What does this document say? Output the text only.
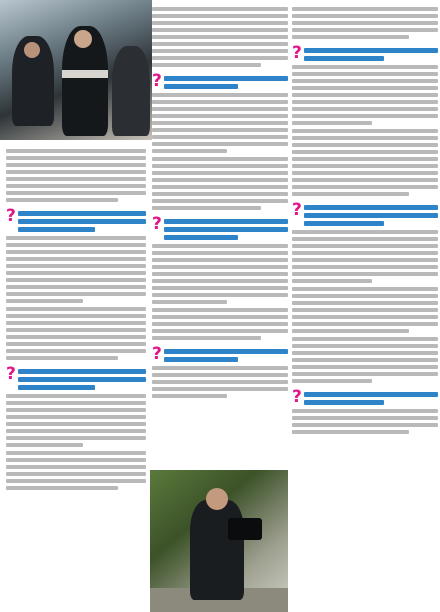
?
?
?
?
?
?
?
?
